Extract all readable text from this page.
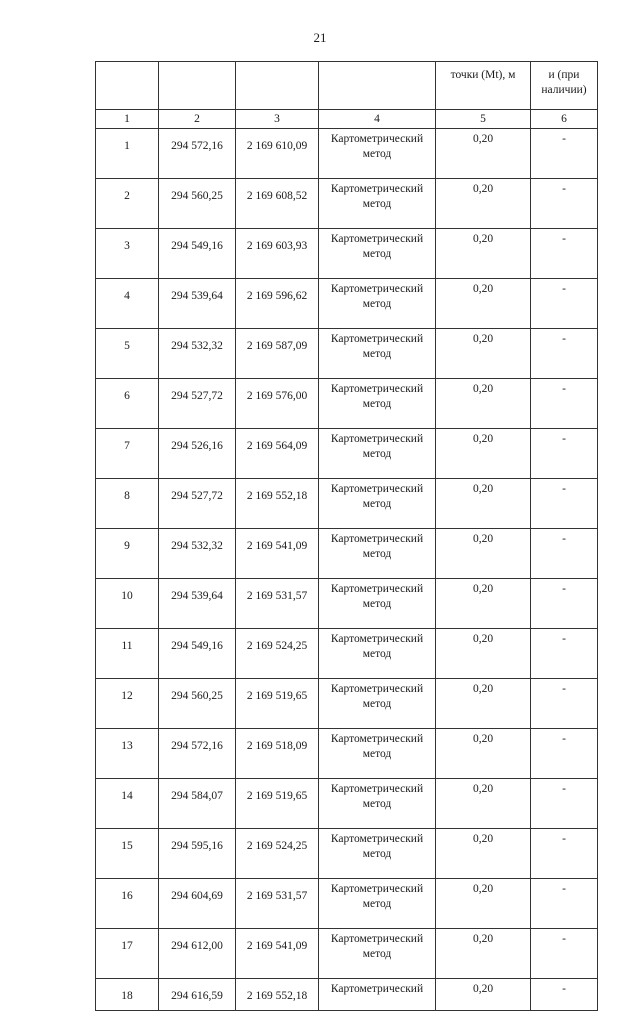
21
				точки (Mt), м	и (при наличии)
1	2	3	4	5	6
1	294 572,16	2 169 610,09	Картометрический метод	0,20	-
2	294 560,25	2 169 608,52	Картометрический метод	0,20	-
3	294 549,16	2 169 603,93	Картометрический метод	0,20	-
4	294 539,64	2 169 596,62	Картометрический метод	0,20	-
5	294 532,32	2 169 587,09	Картометрический метод	0,20	-
6	294 527,72	2 169 576,00	Картометрический метод	0,20	-
7	294 526,16	2 169 564,09	Картометрический метод	0,20	-
8	294 527,72	2 169 552,18	Картометрический метод	0,20	-
9	294 532,32	2 169 541,09	Картометрический метод	0,20	-
10	294 539,64	2 169 531,57	Картометрический метод	0,20	-
11	294 549,16	2 169 524,25	Картометрический метод	0,20	-
12	294 560,25	2 169 519,65	Картометрический метод	0,20	-
13	294 572,16	2 169 518,09	Картометрический метод	0,20	-
14	294 584,07	2 169 519,65	Картометрический метод	0,20	-
15	294 595,16	2 169 524,25	Картометрический метод	0,20	-
16	294 604,69	2 169 531,57	Картометрический метод	0,20	-
17	294 612,00	2 169 541,09	Картометрический метод	0,20	-
18	294 616,59	2 169 552,18	Картометрический	0,20	-
